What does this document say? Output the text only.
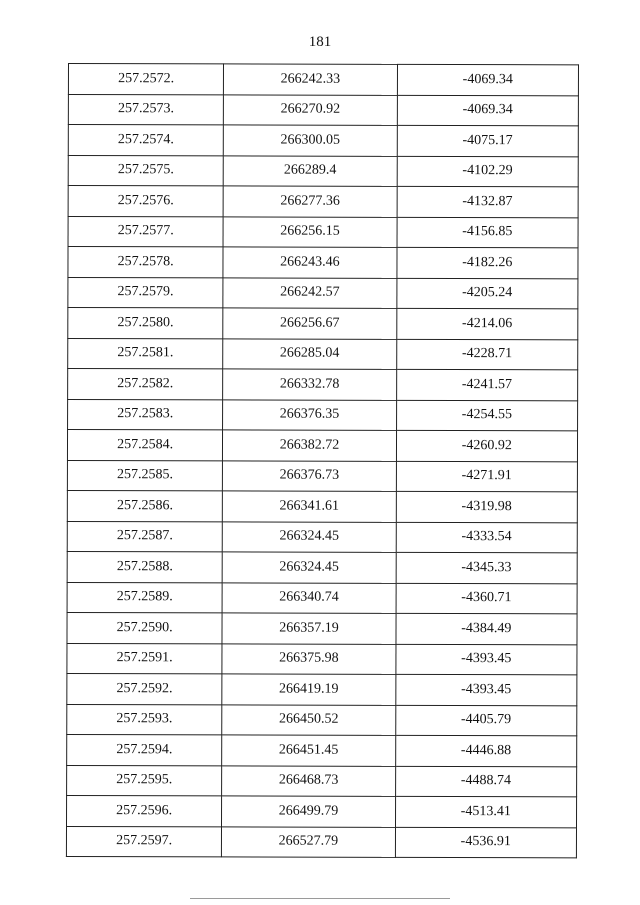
181
257.2572.	266242.33	-4069.34
257.2573.	266270.92	-4069.34
257.2574.	266300.05	-4075.17
257.2575.	266289.4	-4102.29
257.2576.	266277.36	-4132.87
257.2577.	266256.15	-4156.85
257.2578.	266243.46	-4182.26
257.2579.	266242.57	-4205.24
257.2580.	266256.67	-4214.06
257.2581.	266285.04	-4228.71
257.2582.	266332.78	-4241.57
257.2583.	266376.35	-4254.55
257.2584.	266382.72	-4260.92
257.2585.	266376.73	-4271.91
257.2586.	266341.61	-4319.98
257.2587.	266324.45	-4333.54
257.2588.	266324.45	-4345.33
257.2589.	266340.74	-4360.71
257.2590.	266357.19	-4384.49
257.2591.	266375.98	-4393.45
257.2592.	266419.19	-4393.45
257.2593.	266450.52	-4405.79
257.2594.	266451.45	-4446.88
257.2595.	266468.73	-4488.74
257.2596.	266499.79	-4513.41
257.2597.	266527.79	-4536.91
